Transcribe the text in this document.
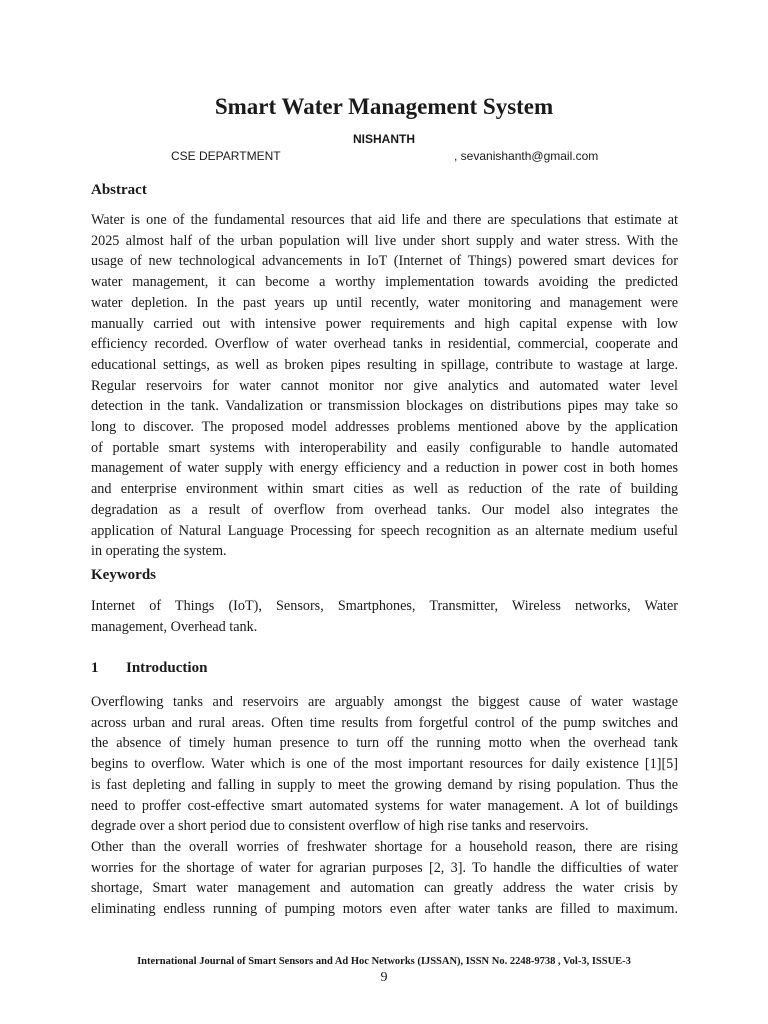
Smart Water Management System
NISHANTH
CSE DEPARTMENT	, sevanishanth@gmail.com
Abstract
Water is one of the fundamental resources that aid life and there are speculations that estimate at
2025 almost half of the urban population will live under short supply and water stress. With the
usage of new technological advancements in IoT (Internet of Things) powered smart devices for
water management, it can become a worthy implementation towards avoiding the predicted
water depletion. In the past years up until recently, water monitoring and management were
manually carried out with intensive power requirements and high capital expense with low
efficiency recorded. Overflow of water overhead tanks in residential, commercial, cooperate and
educational settings, as well as broken pipes resulting in spillage, contribute to wastage at large.
Regular reservoirs for water cannot monitor nor give analytics and automated water level
detection in the tank. Vandalization or transmission blockages on distributions pipes may take so
long to discover. The proposed model addresses problems mentioned above by the application
of portable smart systems with interoperability and easily configurable to handle automated
management of water supply with energy efficiency and a reduction in power cost in both homes
and enterprise environment within smart cities as well as reduction of the rate of building
degradation as a result of overflow from overhead tanks. Our model also integrates the
application of Natural Language Processing for speech recognition as an alternate medium useful
in operating the system.
Keywords
Internet of Things (IoT), Sensors, Smartphones, Transmitter, Wireless networks, Water
management, Overhead tank.
1 Introduction
Overflowing tanks and reservoirs are arguably amongst the biggest cause of water wastage
across urban and rural areas. Often time results from forgetful control of the pump switches and
the absence of timely human presence to turn off the running motto when the overhead tank
begins to overflow. Water which is one of the most important resources for daily existence [1][5]
is fast depleting and falling in supply to meet the growing demand by rising population. Thus the
need to proffer cost-effective smart automated systems for water management. A lot of buildings
degrade over a short period due to consistent overflow of high rise tanks and reservoirs.
Other than the overall worries of freshwater shortage for a household reason, there are rising
worries for the shortage of water for agrarian purposes [2, 3]. To handle the difficulties of water
shortage, Smart water management and automation can greatly address the water crisis by
eliminating endless running of pumping motors even after water tanks are filled to maximum.
International Journal of Smart Sensors and Ad Hoc Networks (IJSSAN), ISSN No. 2248-9738 , Vol-3, ISSUE-3
9
